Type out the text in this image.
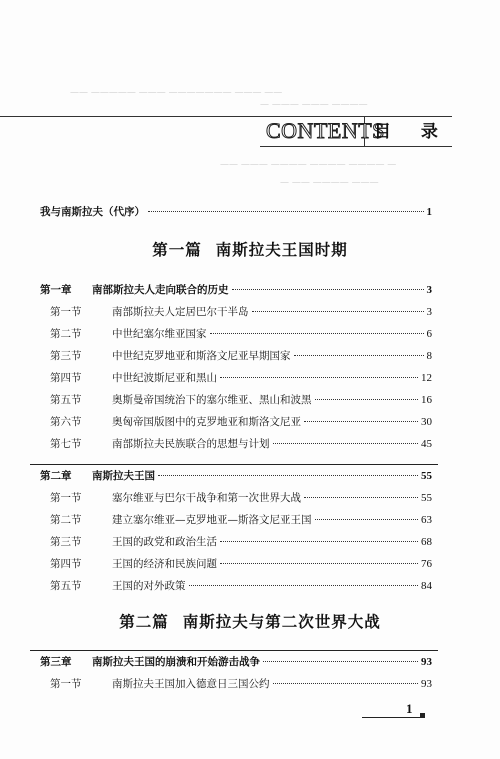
—— ————— ——— ——————— ——— ——
— ——— ——— ————
—— ——— ———— ———— ———— —
— —— ———— ———
CONTENTS
目 录
我与南斯拉夫（代序）	1
第一篇 南斯拉夫王国时期
第一章	南部斯拉夫人走向联合的历史	3
第一节	南部斯拉夫人定居巴尔干半岛	3
第二节	中世纪塞尔维亚国家	6
第三节	中世纪克罗地亚和斯洛文尼亚早期国家	8
第四节	中世纪波斯尼亚和黑山	12
第五节	奥斯曼帝国统治下的塞尔维亚、黑山和波黑	16
第六节	奥匈帝国版图中的克罗地亚和斯洛文尼亚	30
第七节	南部斯拉夫民族联合的思想与计划	45
第二章	南斯拉夫王国	55
第一节	塞尔维亚与巴尔干战争和第一次世界大战	55
第二节	建立塞尔维亚—克罗地亚—斯洛文尼亚王国	63
第三节	王国的政党和政治生活	68
第四节	王国的经济和民族问题	76
第五节	王国的对外政策	84
第二篇 南斯拉夫与第二次世界大战
第三章	南斯拉夫王国的崩溃和开始游击战争	93
第一节	南斯拉夫王国加入德意日三国公约	93
1
